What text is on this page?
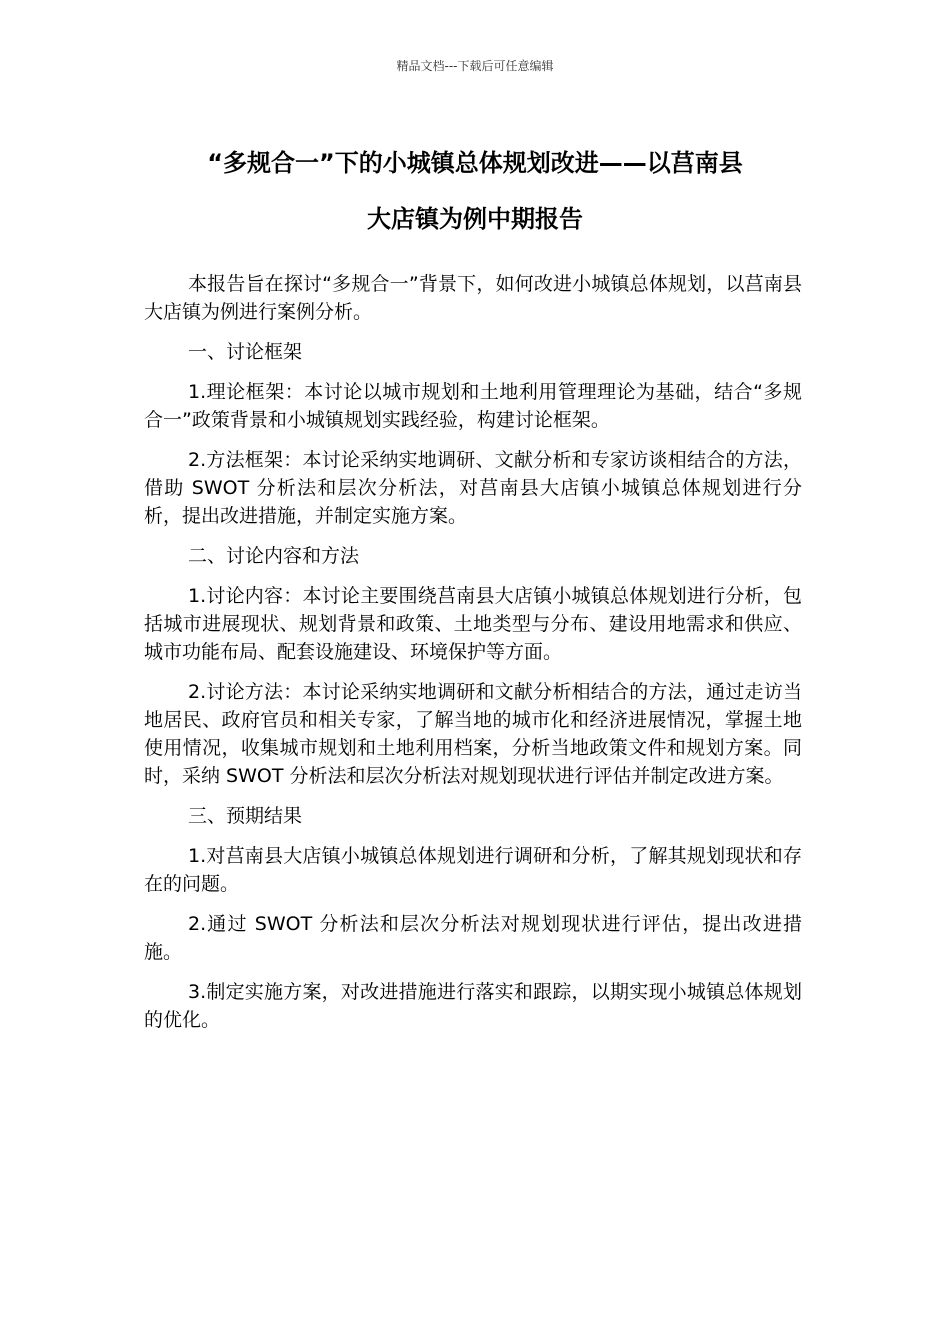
精品文档---下载后可任意编辑
“多规合一”下的小城镇总体规划改进——以莒南县
大店镇为例中期报告

本报告旨在探讨“多规合一”背景下，如何改进小城镇总体规划，以莒南县大店镇为例进行案例分析。

一、讨论框架

1.理论框架：本讨论以城市规划和土地利用管理理论为基础，结合“多规合一”政策背景和小城镇规划实践经验，构建讨论框架。

2.方法框架：本讨论采纳实地调研、文献分析和专家访谈相结合的方法，借助 SWOT 分析法和层次分析法，对莒南县大店镇小城镇总体规划进行分析，提出改进措施，并制定实施方案。

二、讨论内容和方法

1.讨论内容：本讨论主要围绕莒南县大店镇小城镇总体规划进行分析，包括城市进展现状、规划背景和政策、土地类型与分布、建设用地需求和供应、城市功能布局、配套设施建设、环境保护等方面。

2.讨论方法：本讨论采纳实地调研和文献分析相结合的方法，通过走访当地居民、政府官员和相关专家，了解当地的城市化和经济进展情况，掌握土地使用情况，收集城市规划和土地利用档案，分析当地政策文件和规划方案。同时，采纳 SWOT 分析法和层次分析法对规划现状进行评估并制定改进方案。

三、预期结果

1.对莒南县大店镇小城镇总体规划进行调研和分析，了解其规划现状和存在的问题。

2.通过 SWOT 分析法和层次分析法对规划现状进行评估，提出改进措施。

3.制定实施方案，对改进措施进行落实和跟踪，以期实现小城镇总体规划的优化。
